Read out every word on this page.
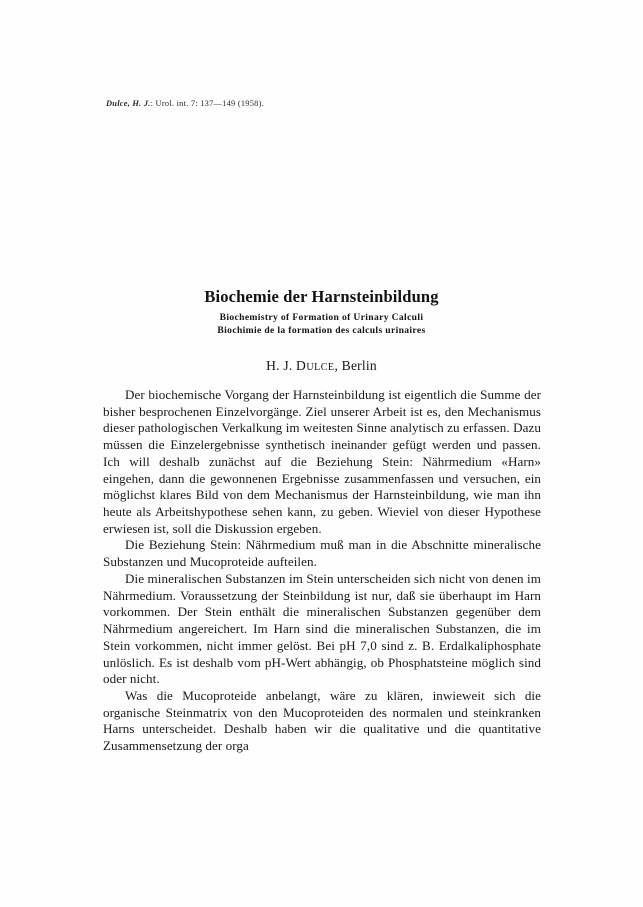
Dulce, H. J.: Urol. int. 7: 137—149 (1958).
Biochemie der Harnsteinbildung
Biochemistry of Formation of Urinary Calculi
Biochimie de la formation des calculs urinaires
H. J. Dulce, Berlin

Der biochemische Vorgang der Harnsteinbildung ist eigentlich die Summe der bisher besprochenen Einzelvorgänge. Ziel unserer Arbeit ist es, den Mechanismus dieser pathologischen Verkalkung im weitesten Sinne analytisch zu erfassen. Dazu müssen die Einzelergebnisse synthetisch ineinander gefügt werden und passen. Ich will deshalb zunächst auf die Beziehung Stein: Nährmedium «Harn» eingehen, dann die gewonnenen Ergebnisse zusammenfassen und versuchen, ein möglichst klares Bild von dem Mechanismus der Harnsteinbildung, wie man ihn heute als Arbeitshypothese sehen kann, zu geben. Wieviel von dieser Hypothese erwiesen ist, soll die Diskussion ergeben.

Die Beziehung Stein: Nährmedium muß man in die Abschnitte mineralische Substanzen und Mucoproteide aufteilen.

Die mineralischen Substanzen im Stein unterscheiden sich nicht von denen im Nährmedium. Voraussetzung der Steinbildung ist nur, daß sie überhaupt im Harn vorkommen. Der Stein enthält die mineralischen Substanzen gegenüber dem Nährmedium angereichert. Im Harn sind die mineralischen Substanzen, die im Stein vorkommen, nicht immer gelöst. Bei pH 7,0 sind z. B. Erdalkaliphosphate unlöslich. Es ist deshalb vom pH-Wert abhängig, ob Phosphatsteine möglich sind oder nicht.

Was die Mucoproteide anbelangt, wäre zu klären, inwieweit sich die organische Steinmatrix von den Mucoproteiden des normalen und steinkranken Harns unterscheidet. Deshalb haben wir die qualitative und die quantitative Zusammensetzung der orga
